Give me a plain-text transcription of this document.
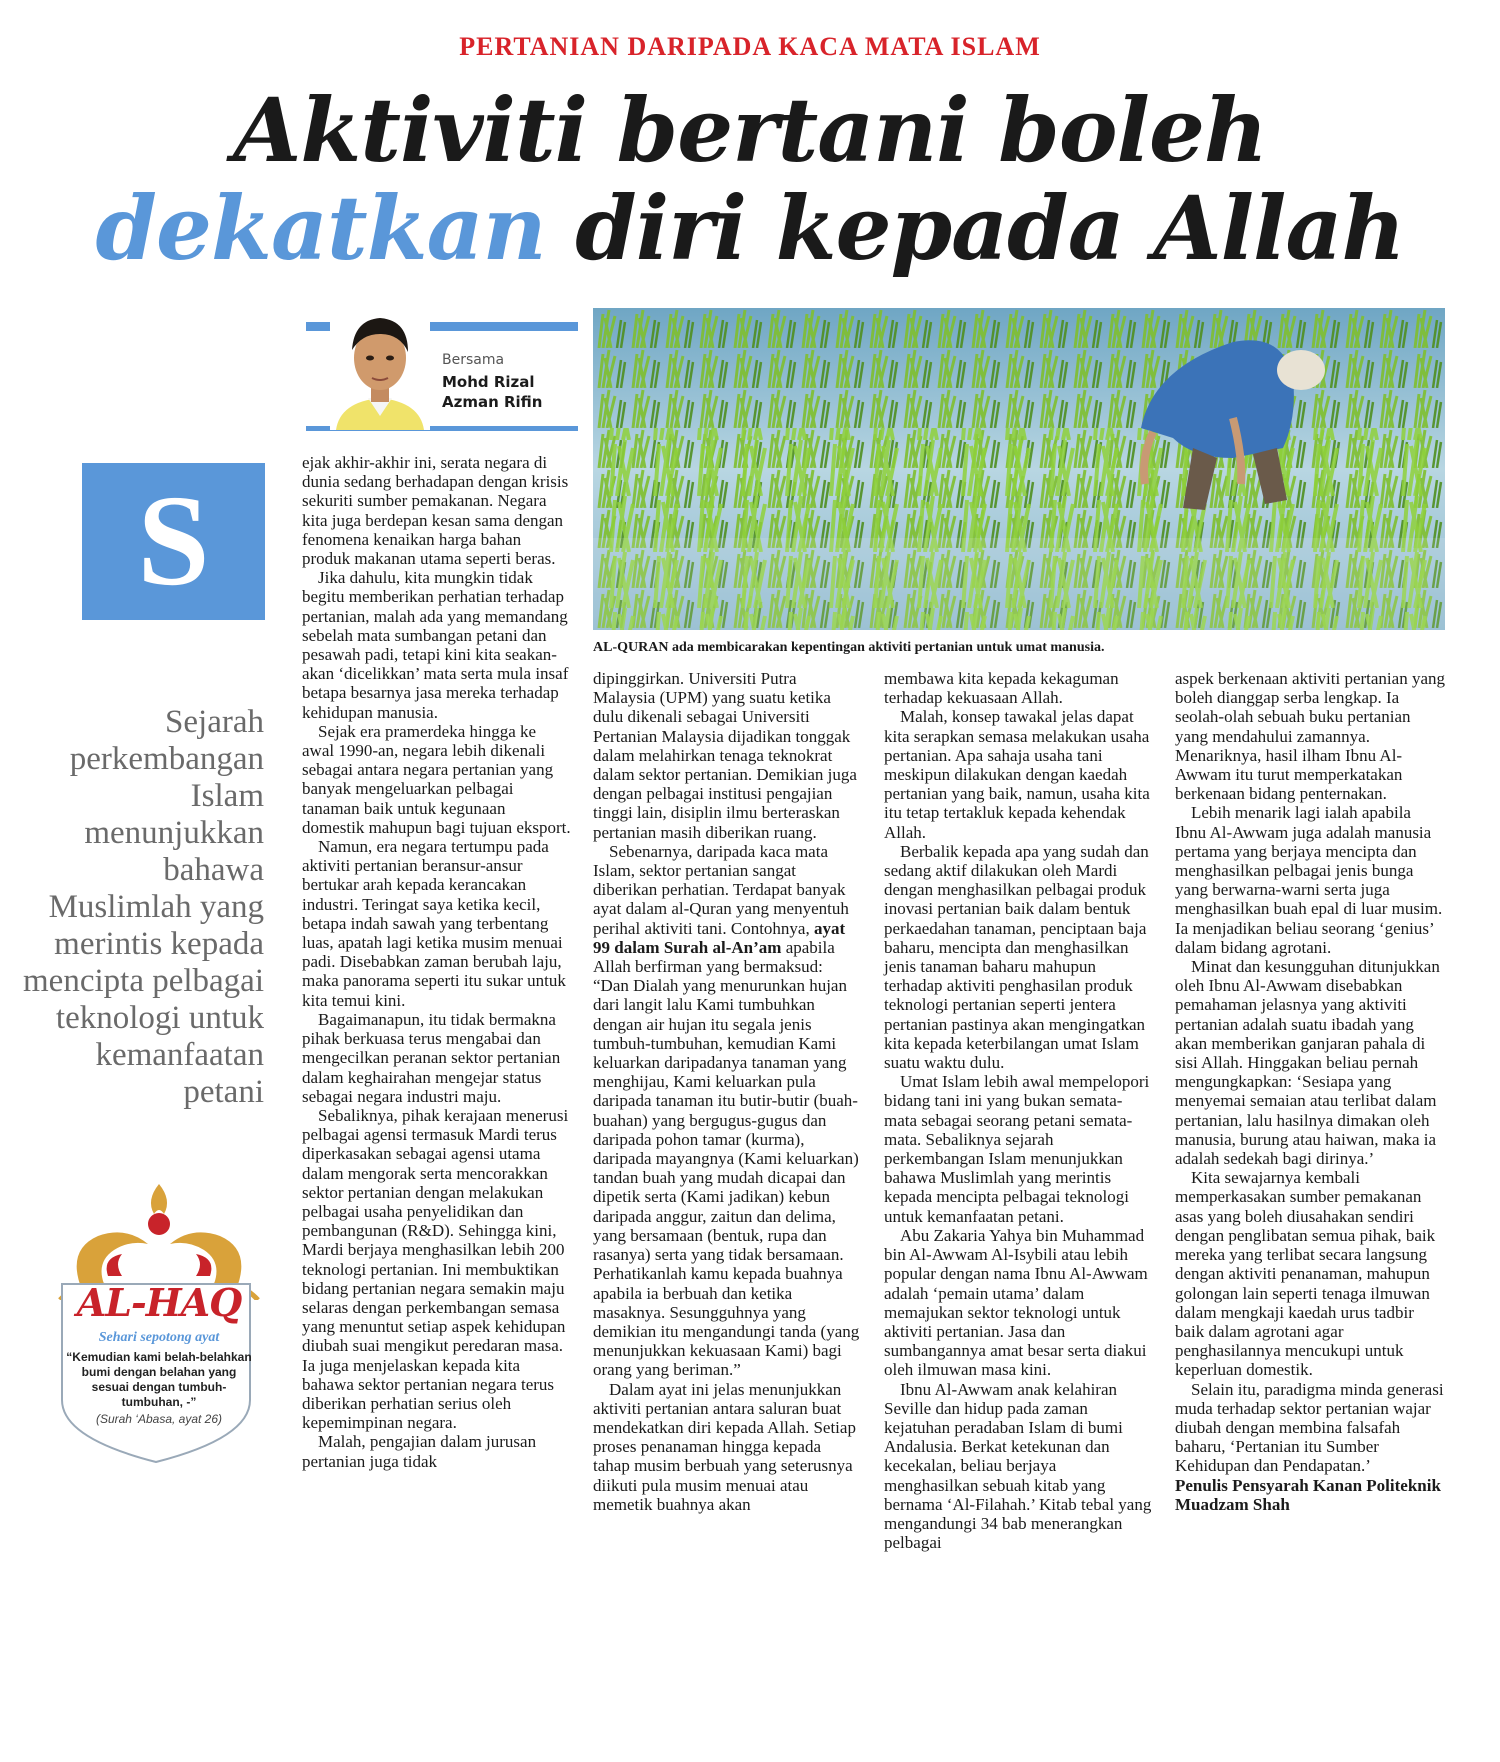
PERTANIAN DARIPADA KACA MATA ISLAM
Aktiviti bertani boleh
dekatkan diri kepada Allah
Bersama
Mohd Rizal
Azman Rifin
S
Sejarah perkembangan Islam menunjukkan bahawa Muslimlah yang merintis kepada mencipta pelbagai teknologi untuk kemanfaatan petani
AL-HAQ
Sehari sepotong ayat
“Kemudian kami belah-belahkan bumi dengan belahan yang sesuai dengan tumbuh-tumbuhan, -”
(Surah ‘Abasa, ayat 26)
AL-QURAN ada membicarakan kepentingan aktiviti pertanian untuk umat manusia.

ejak akhir-akhir ini, serata negara di dunia sedang berhadapan dengan krisis sekuriti sumber pemakanan. Negara kita juga berdepan kesan sama dengan fenomena kenaikan harga bahan produk makanan utama seperti beras.

Jika dahulu, kita mungkin tidak begitu memberikan perhatian terhadap pertanian, malah ada yang memandang sebelah mata sumbangan petani dan pesawah padi, tetapi kini kita seakan-akan ‘dicelikkan’ mata serta mula insaf betapa besarnya jasa mereka terhadap kehidupan manusia.

Sejak era pramerdeka hingga ke awal 1990-an, negara lebih dikenali sebagai antara negara pertanian yang banyak mengeluarkan pelbagai tanaman baik untuk kegunaan domestik mahupun bagi tujuan eksport.

Namun, era negara tertumpu pada aktiviti pertanian beransur-ansur bertukar arah kepada kerancakan industri. Teringat saya ketika kecil, betapa indah sawah yang terbentang luas, apatah lagi ketika musim menuai padi. Disebabkan zaman berubah laju, maka panorama seperti itu sukar untuk kita temui kini.

Bagaimanapun, itu tidak bermakna pihak berkuasa terus mengabai dan mengecilkan peranan sektor pertanian dalam keghairahan mengejar status sebagai negara industri maju.

Sebaliknya, pihak kerajaan menerusi pelbagai agensi termasuk Mardi terus diperkasakan sebagai agensi utama dalam mengorak serta mencorakkan sektor pertanian dengan melakukan pelbagai usaha penyelidikan dan pembangunan (R&D). Sehingga kini, Mardi berjaya menghasilkan lebih 200 teknologi pertanian. Ini membuktikan bidang pertanian negara semakin maju selaras dengan perkembangan semasa yang menuntut setiap aspek kehidupan diubah suai mengikut peredaran masa. Ia juga menjelaskan kepada kita bahawa sektor pertanian negara terus diberikan perhatian serius oleh kepemimpinan negara.

Malah, pengajian dalam jurusan pertanian juga tidak

dipinggirkan. Universiti Putra Malaysia (UPM) yang suatu ketika dulu dikenali sebagai Universiti Pertanian Malaysia dijadikan tonggak dalam melahirkan tenaga teknokrat dalam sektor pertanian. Demikian juga dengan pelbagai institusi pengajian tinggi lain, disiplin ilmu berteraskan pertanian masih diberikan ruang.

Sebenarnya, daripada kaca mata Islam, sektor pertanian sangat diberikan perhatian. Terdapat banyak ayat dalam al-Quran yang menyentuh perihal aktiviti tani. Contohnya, ayat 99 dalam Surah al-An’am apabila Allah berfirman yang bermaksud: “Dan Dialah yang menurunkan hujan dari langit lalu Kami tumbuhkan dengan air hujan itu segala jenis tumbuh-tumbuhan, kemudian Kami keluarkan daripadanya tanaman yang menghijau, Kami keluarkan pula daripada tanaman itu butir-butir (buah-buahan) yang bergugus-gugus dan daripada pohon tamar (kurma), daripada mayangnya (Kami keluarkan) tandan buah yang mudah dicapai dan dipetik serta (Kami jadikan) kebun daripada anggur, zaitun dan delima, yang bersamaan (bentuk, rupa dan rasanya) serta yang tidak bersamaan. Perhatikanlah kamu kepada buahnya apabila ia berbuah dan ketika masaknya. Sesungguhnya yang demikian itu mengandungi tanda (yang menunjukkan kekuasaan Kami) bagi orang yang beriman.”

Dalam ayat ini jelas menunjukkan aktiviti pertanian antara saluran buat mendekatkan diri kepada Allah. Setiap proses penanaman hingga kepada tahap musim berbuah yang seterusnya diikuti pula musim menuai atau memetik buahnya akan

membawa kita kepada kekaguman terhadap kekuasaan Allah.

Malah, konsep tawakal jelas dapat kita serapkan semasa melakukan usaha pertanian. Apa sahaja usaha tani meskipun dilakukan dengan kaedah pertanian yang baik, namun, usaha kita itu tetap tertakluk kepada kehendak Allah.

Berbalik kepada apa yang sudah dan sedang aktif dilakukan oleh Mardi dengan menghasilkan pelbagai produk inovasi pertanian baik dalam bentuk perkaedahan tanaman, penciptaan baja baharu, mencipta dan menghasilkan jenis tanaman baharu mahupun terhadap aktiviti penghasilan produk teknologi pertanian seperti jentera pertanian pastinya akan mengingatkan kita kepada keterbilangan umat Islam suatu waktu dulu.

Umat Islam lebih awal mempelopori bidang tani ini yang bukan semata-mata sebagai seorang petani semata-mata. Sebaliknya sejarah perkembangan Islam menunjukkan bahawa Muslimlah yang merintis kepada mencipta pelbagai teknologi untuk kemanfaatan petani.

Abu Zakaria Yahya bin Muhammad bin Al-Awwam Al-Isybili atau lebih popular dengan nama Ibnu Al-Awwam adalah ‘pemain utama’ dalam memajukan sektor teknologi untuk aktiviti pertanian. Jasa dan sumbangannya amat besar serta diakui oleh ilmuwan masa kini.

Ibnu Al-Awwam anak kelahiran Seville dan hidup pada zaman kejatuhan peradaban Islam di bumi Andalusia. Berkat ketekunan dan kecekalan, beliau berjaya menghasilkan sebuah kitab yang bernama ‘Al-Filahah.’ Kitab tebal yang mengandungi 34 bab menerangkan pelbagai

aspek berkenaan aktiviti pertanian yang boleh dianggap serba lengkap. Ia seolah-olah sebuah buku pertanian yang mendahului zamannya. Menariknya, hasil ilham Ibnu Al-Awwam itu turut memperkatakan berkenaan bidang penternakan.

Lebih menarik lagi ialah apabila Ibnu Al-Awwam juga adalah manusia pertama yang berjaya mencipta dan menghasilkan pelbagai jenis bunga yang berwarna-warni serta juga menghasilkan buah epal di luar musim. Ia menjadikan beliau seorang ‘genius’ dalam bidang agrotani.

Minat dan kesungguhan ditunjukkan oleh Ibnu Al-Awwam disebabkan pemahaman jelasnya yang aktiviti pertanian adalah suatu ibadah yang akan memberikan ganjaran pahala di sisi Allah. Hinggakan beliau pernah mengungkapkan: ‘Sesiapa yang menyemai semaian atau terlibat dalam pertanian, lalu hasilnya dimakan oleh manusia, burung atau haiwan, maka ia adalah sedekah bagi dirinya.’

Kita sewajarnya kembali memperkasakan sumber pemakanan asas yang boleh diusahakan sendiri dengan penglibatan semua pihak, baik mereka yang terlibat secara langsung dengan aktiviti penanaman, mahupun golongan lain seperti tenaga ilmuwan dalam mengkaji kaedah urus tadbir baik dalam agrotani agar penghasilannya mencukupi untuk keperluan domestik.

Selain itu, paradigma minda generasi muda terhadap sektor pertanian wajar diubah dengan membina falsafah baharu, ‘Pertanian itu Sumber Kehidupan dan Pendapatan.’

Penulis Pensyarah Kanan Politeknik Muadzam Shah
